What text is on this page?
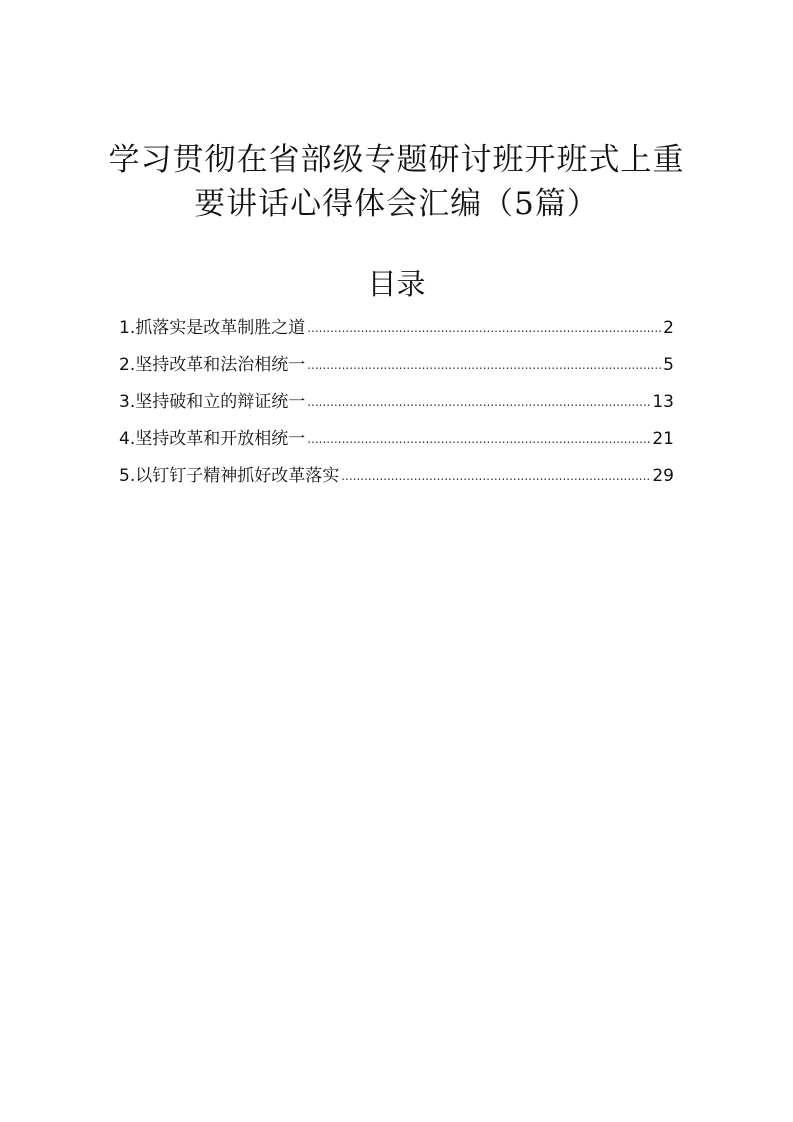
学习贯彻在省部级专题研讨班开班式上重
要讲话心得体会汇编（5篇）
目录
1.抓落实是改革制胜之道 .....	2
2.坚持改革和法治相统一 .....	5
3.坚持破和立的辩证统一 .....	13
4.坚持改革和开放相统一 .....	21
5.以钉钉子精神抓好改革落实 .....	29
